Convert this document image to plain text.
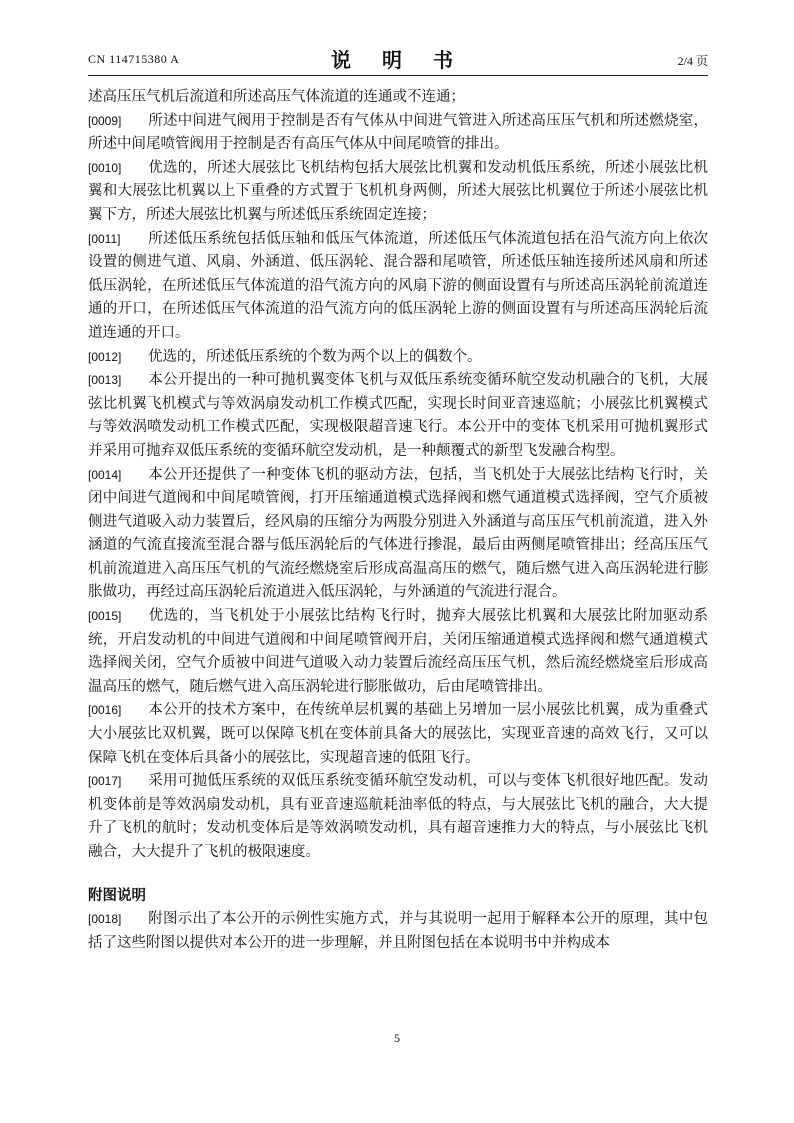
CN 114715380 A	说 明 书	2/4 页

述高压压气机后流道和所述高压气体流道的连通或不连通；

[0009] 所述中间进气阀用于控制是否有气体从中间进气管进入所述高压压气机和所述燃烧室，所述中间尾喷管阀用于控制是否有高压气体从中间尾喷管的排出。

[0010] 优选的，所述大展弦比飞机结构包括大展弦比机翼和发动机低压系统，所述小展弦比机翼和大展弦比机翼以上下重叠的方式置于飞机机身两侧，所述大展弦比机翼位于所述小展弦比机翼下方，所述大展弦比机翼与所述低压系统固定连接；

[0011] 所述低压系统包括低压轴和低压气体流道，所述低压气体流道包括在沿气流方向上依次设置的侧进气道、风扇、外涵道、低压涡轮、混合器和尾喷管，所述低压轴连接所述风扇和所述低压涡轮，在所述低压气体流道的沿气流方向的风扇下游的侧面设置有与所述高压涡轮前流道连通的开口，在所述低压气体流道的沿气流方向的低压涡轮上游的侧面设置有与所述高压涡轮后流道连通的开口。

[0012] 优选的，所述低压系统的个数为两个以上的偶数个。

[0013] 本公开提出的一种可抛机翼变体飞机与双低压系统变循环航空发动机融合的飞机，大展弦比机翼飞机模式与等效涡扇发动机工作模式匹配，实现长时间亚音速巡航；小展弦比机翼模式与等效涡喷发动机工作模式匹配，实现极限超音速飞行。本公开中的变体飞机采用可抛机翼形式并采用可抛弃双低压系统的变循环航空发动机，是一种颠覆式的新型飞发融合构型。

[0014] 本公开还提供了一种变体飞机的驱动方法，包括，当飞机处于大展弦比结构飞行时，关闭中间进气道阀和中间尾喷管阀，打开压缩通道模式选择阀和燃气通道模式选择阀，空气介质被侧进气道吸入动力装置后，经风扇的压缩分为两股分别进入外涵道与高压压气机前流道，进入外涵道的气流直接流至混合器与低压涡轮后的气体进行掺混，最后由两侧尾喷管排出；经高压压气机前流道进入高压压气机的气流经燃烧室后形成高温高压的燃气，随后燃气进入高压涡轮进行膨胀做功，再经过高压涡轮后流道进入低压涡轮，与外涵道的气流进行混合。

[0015] 优选的，当飞机处于小展弦比结构飞行时，抛弃大展弦比机翼和大展弦比附加驱动系统，开启发动机的中间进气道阀和中间尾喷管阀开启，关闭压缩通道模式选择阀和燃气通道模式选择阀关闭，空气介质被中间进气道吸入动力装置后流经高压压气机，然后流经燃烧室后形成高温高压的燃气，随后燃气进入高压涡轮进行膨胀做功，后由尾喷管排出。

[0016] 本公开的技术方案中，在传统单层机翼的基础上另增加一层小展弦比机翼，成为重叠式大小展弦比双机翼，既可以保障飞机在变体前具备大的展弦比，实现亚音速的高效飞行，又可以保障飞机在变体后具备小的展弦比，实现超音速的低阻飞行。

[0017] 采用可抛低压系统的双低压系统变循环航空发动机，可以与变体飞机很好地匹配。发动机变体前是等效涡扇发动机，具有亚音速巡航耗油率低的特点，与大展弦比飞机的融合，大大提升了飞机的航时；发动机变体后是等效涡喷发动机，具有超音速推力大的特点，与小展弦比飞机融合，大大提升了飞机的极限速度。

附图说明

[0018] 附图示出了本公开的示例性实施方式，并与其说明一起用于解释本公开的原理，其中包括了这些附图以提供对本公开的进一步理解，并且附图包括在本说明书中并构成本

5
